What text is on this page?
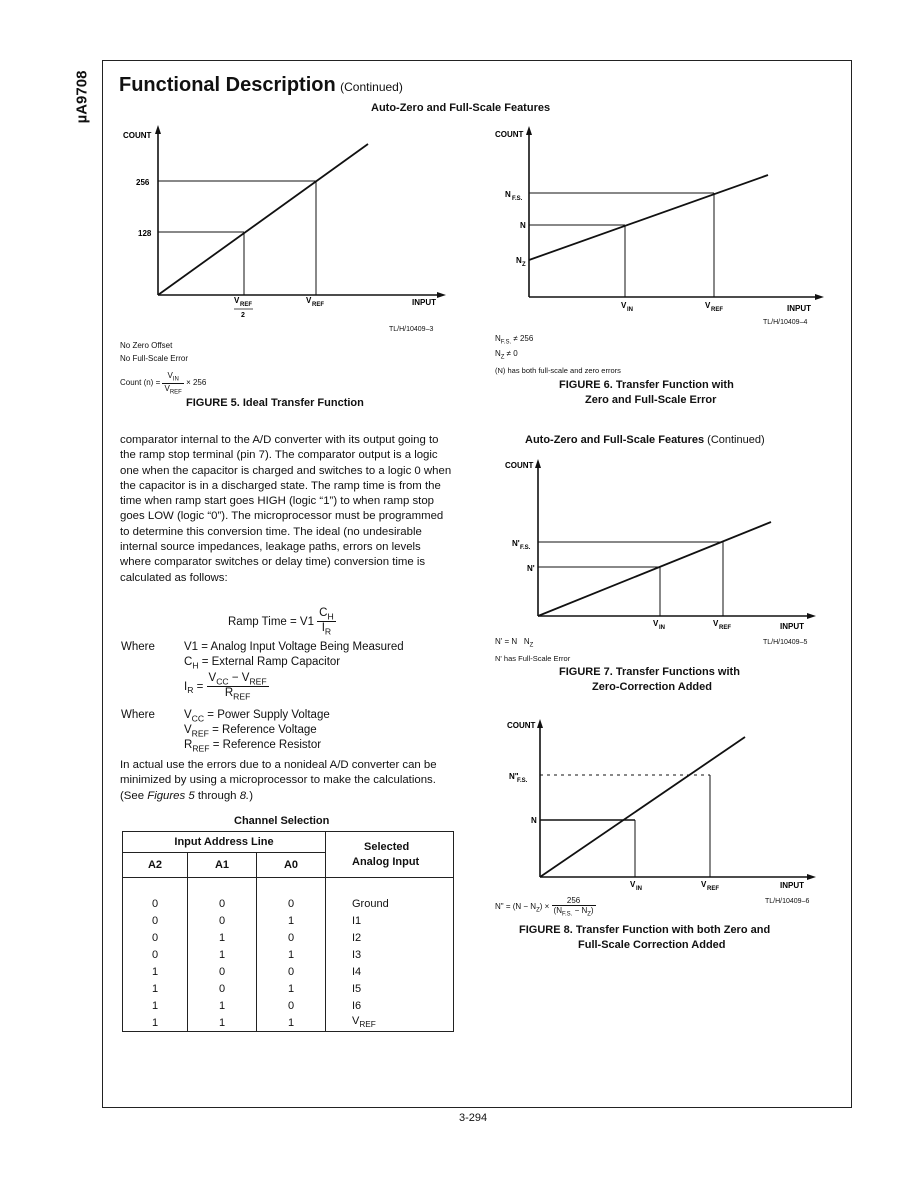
µA9708 Functional Description (Continued)
Auto-Zero and Full-Scale Features
COUNT
256
128
V REF
2
V REF	INPUT
TL/H/10409–3
No Zero Offset
No Full-Scale Error
Count $(n) = \frac{V_{IN}}{V_{REF}} \times 256$
FIGURE 5. Ideal Transfer Function
COUNT
N F.S.
N
N Z
V IN	V REF	INPUT
TL/H/10409–4
$N_{F.S.} \ne 256$
$N_Z \ne 0$
(N) has both full-scale and zero errors
FIGURE 6. Transfer Function with
Zero and Full-Scale Error
Auto-Zero and Full-Scale Features (Continued)
COUNT
N' F.S.
N'
V IN	V REF	INPUT
N' = N $N_Z$	TL/H/10409–5
N' has Full-Scale Error
FIGURE 7. Transfer Functions with
Zero-Correction Added
COUNT
N"
F.S.
N
V IN	V REF	INPUT
N" = $(N - N_Z) \times \frac{256}{(N_{F.S.} - N_Z)}$	TL/H/10409–6
FIGURE 8. Transfer Function with both Zero and
Full-Scale Correction Added
comparator internal to the A/D converter with its output going to the ramp stop terminal (pin 7). The comparator output is a logic one when the capacitor is charged and switches to a logic 0 when the capacitor is in a discharged state. The ramp time is from the time when ramp start goes HIGH (logic “1”) to when ramp stop goes LOW (logic “0”). The microprocessor must be programmed to determine this conversion time. The ideal (no undesirable internal source impedances, leakage paths, errors on levels where comparator switches or delay time) conversion time is calculated as follows:
Ramp Time = $V1 \frac{C_H}{I_R}$
Where	V1 = Analog Input Voltage Being Measured
$C_H$ = External Ramp Capacitor
$I_R = \frac{V_{CC} - V_{REF}}{R_{REF}}$
Where	$V_{CC}$ = Power Supply Voltage
$V_{REF}$ = Reference Voltage
$R_{REF}$ = Reference Resistor
In actual use the errors due to a nonideal A/D converter can be minimized by using a microprocessor to make the calculations. (See Figures 5 through 8.)
Channel Selection
Input Address Line			Selected
Analog Input
A2	A1	A0	

0	0	0	Ground
0	0	1	I1
0	1	0	I2
0	1	1	I3
1	0	0	I4
1	0	1	I5
1	1	0	I6
1	1	1	$V_{REF}$
3-294
